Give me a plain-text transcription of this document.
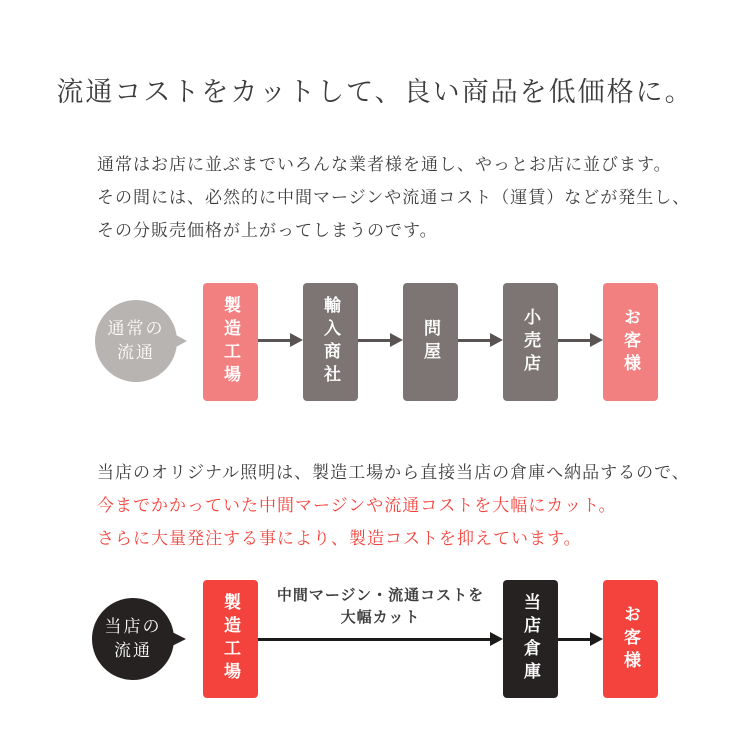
流通コストをカットして、良い商品を低価格に。
通常はお店に並ぶまでいろんな業者様を通し、やっとお店に並びます。
その間には、必然的に中間マージンや流通コスト（運賃）などが発生し、
その分販売価格が上がってしまうのです。
通常の
流通	製造工場	輸入商社	問屋	小売店	お客様
当店のオリジナル照明は、製造工場から直接当店の倉庫へ納品するので、
今までかかっていた中間マージンや流通コストを大幅にカット。
さらに大量発注する事により、製造コストを抑えています。
当店の
流通	製造工場	中間マージン・流通コストを
大幅カット	当店倉庫	お客様
